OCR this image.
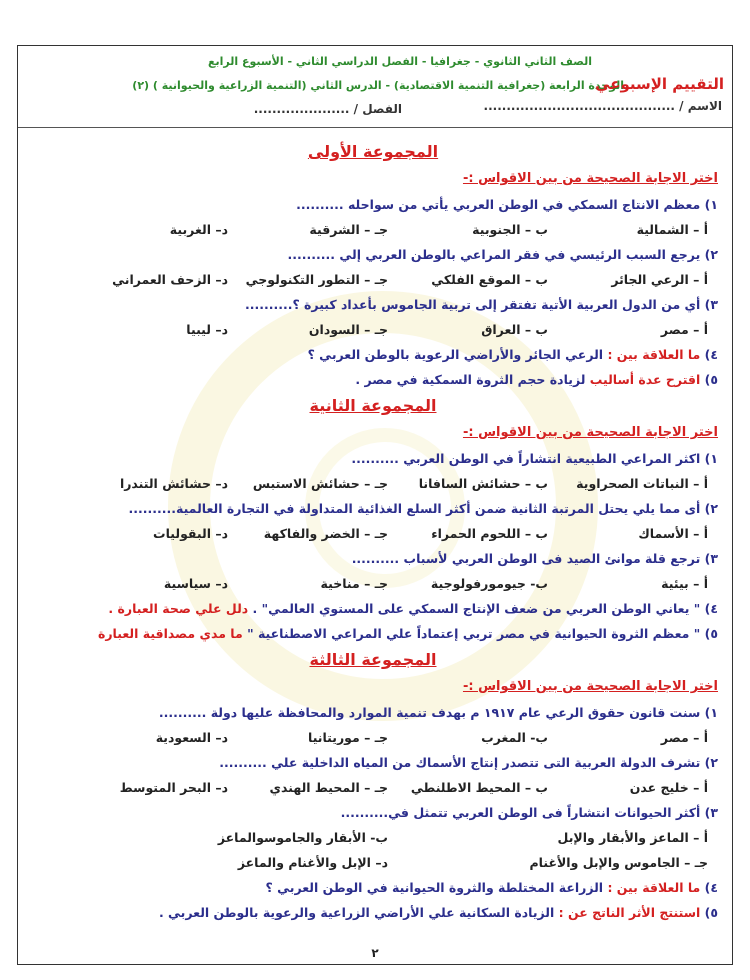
الصف الثاني الثانوي - جغرافيا - الفصل الدراسي الثاني - الأسبوع الرابع
الوحدة الرابعة (جغرافية التنمية الاقتصادية) - الدرس الثاني (التنمية الزراعية والحيوانية ) (٢)
التقييم الإسبوعي
الاسم / ..........................................
الفصل / .....................
المجموعة الأولى
اختر الاجابة الصحيحة من بين الاقواس :-
١) معظم الانتاج السمكي في الوطن العربي يأتي من سواحله ..........
أ – الشمالية
ب – الجنوبية
جـ – الشرقية
د– الغربية
٢) يرجع السبب الرئيسي في فقر المراعي بالوطن العربي إلي ..........
أ – الرعي الجائر
ب – الموقع الفلكي
جـ – التطور التكنولوجي
د– الزحف العمراني
٣) أي من الدول العربية الأتية تفتقر إلى تربية الجاموس بأعداد كبيرة ؟..........
أ – مصر
ب – العراق
جـ – السودان
د– ليبيا
٤) ما العلاقة بين : الرعي الجائر والأراضي الرعوية بالوطن العربي ؟
٥) اقترح عدة أساليب لزيادة حجم الثروة السمكية في مصر .
المجموعة الثانية
اختر الاجابة الصحيحة من بين الاقواس :-
١) اكثر المراعي الطبيعية انتشاراً في الوطن العربي ..........
أ – النباتات الصحراوية
ب – حشائش السافانا
جـ – حشائش الاستبس
د– حشائش التندرا
٢) أى مما يلي يحتل المرتبة الثانية ضمن أكثر السلع الغذائية المتداولة في التجارة العالمية..........
أ – الأسماك
ب – اللحوم الحمراء
جـ – الخضر والفاكهة
د– البقوليات
٣) ترجع قلة موانئ الصيد فى الوطن العربي لأسباب ..........
أ – بيئية
ب- جيومورفولوجية
جـ – مناخية
د– سياسية
٤) " يعاني الوطن العربي من ضعف الإنتاج السمكي على المستوي العالمي" . دلل علي صحة العبارة .
٥) " معظم الثروة الحيوانية في مصر تربي إعتماداً علي المراعي الاصطناعية " ما مدي مصداقية العبارة
المجموعة الثالثة
اختر الاجابة الصحيحة من بين الاقواس :-
١) سنت قانون حقوق الرعي عام ١٩١٧ م بهدف تنمية الموارد والمحافظة عليها دولة ..........
أ – مصر
ب- المغرب
جـ – موريتانيا
د– السعودية
٢) تشرف الدولة العربية التى تتصدر إنتاج الأسماك من المياه الداخلية علي ..........
أ – خليج عدن
ب – المحيط الاطلنطي
جـ – المحيط الهندي
د– البحر المتوسط
٣) أكثر الحيوانات انتشاراً فى الوطن العربي تتمثل في..........
أ – الماعز والأبقار والإبل
ب- الأبقار والجاموسوالماعز
جـ – الجاموس والإبل والأغنام
د– الإبل والأغنام والماعز
٤) ما العلاقة بين : الزراعة المختلطة والثروة الحيوانية في الوطن العربي ؟
٥) استنتج الأثر الناتج عن : الزيادة السكانية علي الأراضي الزراعية والرعوية بالوطن العربي .
٢
